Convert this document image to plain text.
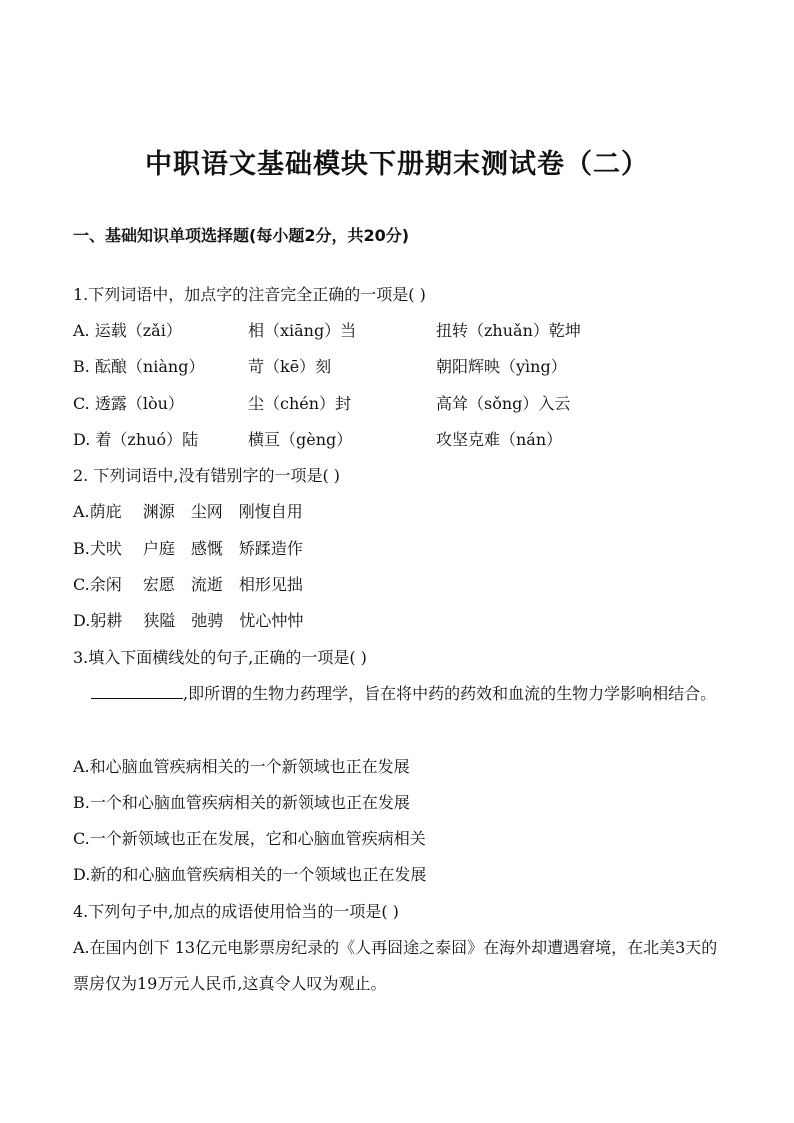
中职语文基础模块下册期末测试卷（二）
一、基础知识单项选择题(每小题2分，共20分)
1.下列词语中，加点字的注音完全正确的一项是( )
A. 运载（zǎi）	相（xiāng）当	扭转（zhuǎn）乾坤
B. 酝酿（niàng）	苛（kē）刻	朝阳辉映（yìng）
C. 透露（lòu）	尘（chén）封	高耸（sǒng）入云
D. 着（zhuó）陆	横亘（gèng）	攻坚克难（nán）
2. 下列词语中,没有错别字的一项是( )
A.荫庇　 渊源　尘网　刚愎自用
B.犬吠　 户庭　感慨　矫蹂造作
C.余闲　 宏愿　流逝　相形见拙
D.躬耕　 狭隘　弛骋　忧心忡忡
3.填入下面横线处的句子,正确的一项是( )
,即所谓的生物力药理学，旨在将中药的药效和血流的生物力学影响相结合。
A.和心脑血管疾病相关的一个新领域也正在发展
B.一个和心脑血管疾病相关的新领域也正在发展
C.一个新领域也正在发展，它和心脑血管疾病相关
D.新的和心脑血管疾病相关的一个领域也正在发展
4.下列句子中,加点的成语使用恰当的一项是( )
A.在国内创下 13亿元电影票房纪录的《人再囧途之泰囧》在海外却遭遇窘境，在北美3天的票房仅为19万元人民币,这真令人叹为观止。
